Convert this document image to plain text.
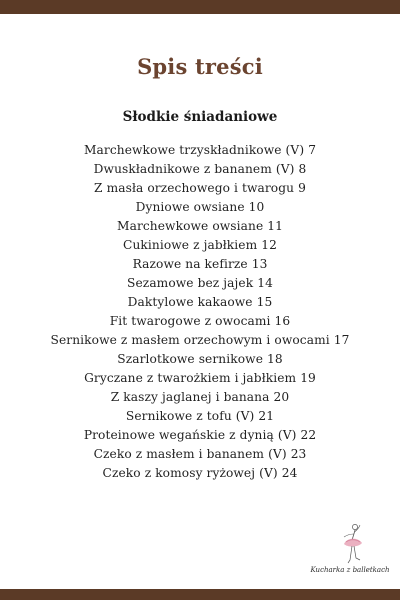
Spis treści
Słodkie śniadaniowe
Marchewkowe trzyskładnikowe (V) 7
Dwuskładnikowe z bananem (V) 8
Z masła orzechowego i twarogu 9
Dyniowe owsiane 10
Marchewkowe owsiane 11
Cukiniowe z jabłkiem 12
Razowe na kefirze 13
Sezamowe bez jajek 14
Daktylowe kakaowe 15
Fit twarogowe z owocami 16
Sernikowe z masłem orzechowym i owocami 17
Szarlotkowe sernikowe 18
Gryczane z twarożkiem i jabłkiem 19
Z kaszy jaglanej i banana 20
Sernikowe z tofu (V) 21
Proteinowe wegańskie z dynią (V) 22
Czeko z masłem i bananem (V) 23
Czeko z komosy ryżowej (V) 24
Kucharka z balletkach
